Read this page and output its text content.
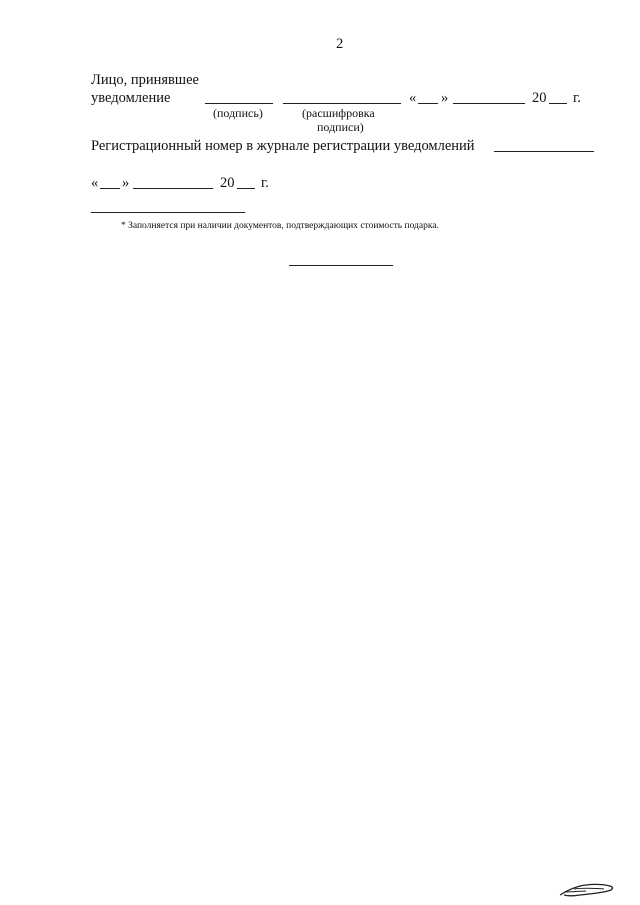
2
Лицо, принявшее
уведомление	« »	20 г.
(подпись)	(расшифровка
подписи)
Регистрационный номер в журнале регистрации уведомлений
« »	20 г.
* Заполняется при наличии документов, подтверждающих стоимость подарка.
